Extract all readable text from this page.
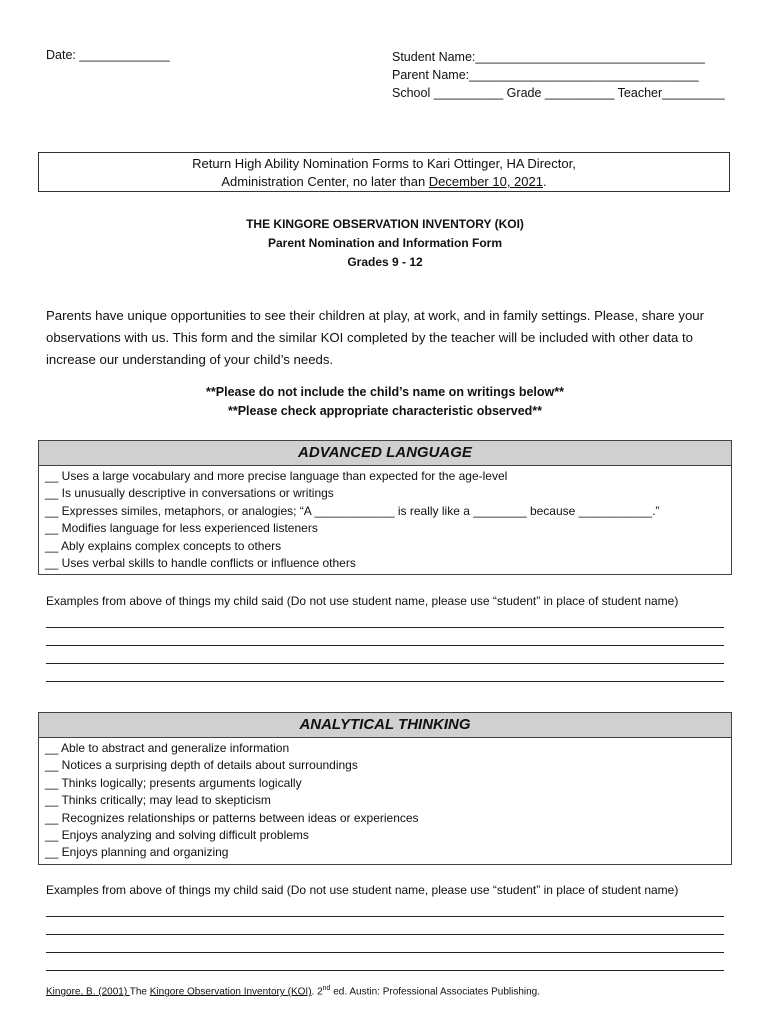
Date: _____________	Student Name:_________________________________
Parent Name:_________________________________
School __________ Grade __________ Teacher_________
Return High Ability Nomination Forms to Kari Ottinger, HA Director,
Administration Center, no later than December 10, 2021.
THE KINGORE OBSERVATION INVENTORY (KOI)
Parent Nomination and Information Form
Grades 9 - 12
Parents have unique opportunities to see their children at play, at work, and in family settings. Please, share your observations with us. This form and the similar KOI completed by the teacher will be included with other data to increase our understanding of your child’s needs.
**Please do not include the child’s name on writings below**
**Please check appropriate characteristic observed**
ADVANCED LANGUAGE
__ Uses a large vocabulary and more precise language than expected for the age-level
__ Is unusually descriptive in conversations or writings
__ Expresses similes, metaphors, or analogies; “A ____________ is really like a ________ because ___________.”
__ Modifies language for less experienced listeners
__ Ably explains complex concepts to others
__ Uses verbal skills to handle conflicts or influence others
Examples from above of things my child said (Do not use student name, please use “student” in place of student name)
ANALYTICAL THINKING
__ Able to abstract and generalize information
__ Notices a surprising depth of details about surroundings
__ Thinks logically; presents arguments logically
__ Thinks critically; may lead to skepticism
__ Recognizes relationships or patterns between ideas or experiences
__ Enjoys analyzing and solving difficult problems
__ Enjoys planning and organizing
Examples from above of things my child said (Do not use student name, please use “student” in place of student name)
Kingore, B. (2001) The Kingore Observation Inventory (KOI). 2nd ed. Austin: Professional Associates Publishing.
